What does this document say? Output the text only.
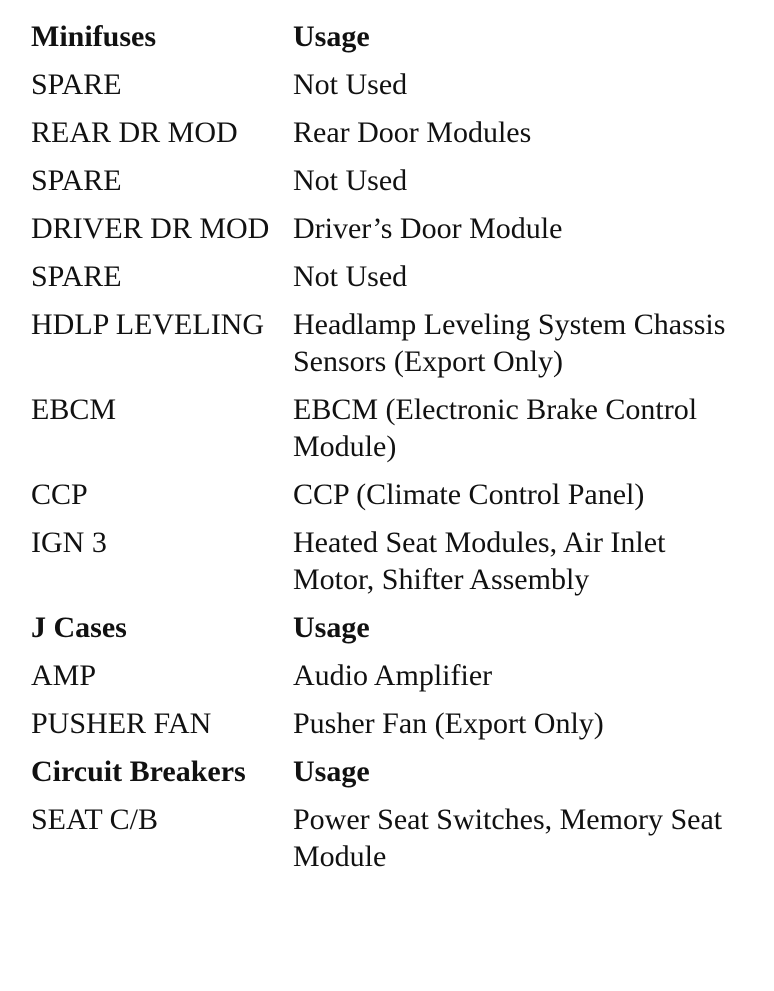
Minifuses	Usage
SPARE	Not Used
REAR DR MOD	Rear Door Modules
SPARE	Not Used
DRIVER DR MOD	Driver’s Door Module
SPARE	Not Used
HDLP LEVELING	Headlamp Leveling System Chassis Sensors (Export Only)
EBCM	EBCM (Electronic Brake Control Module)
CCP	CCP (Climate Control Panel)
IGN 3	Heated Seat Modules, Air Inlet Motor, Shifter Assembly
J Cases	Usage
AMP	Audio Amplifier
PUSHER FAN	Pusher Fan (Export Only)
Circuit Breakers	Usage
SEAT C/B	Power Seat Switches, Memory Seat Module
